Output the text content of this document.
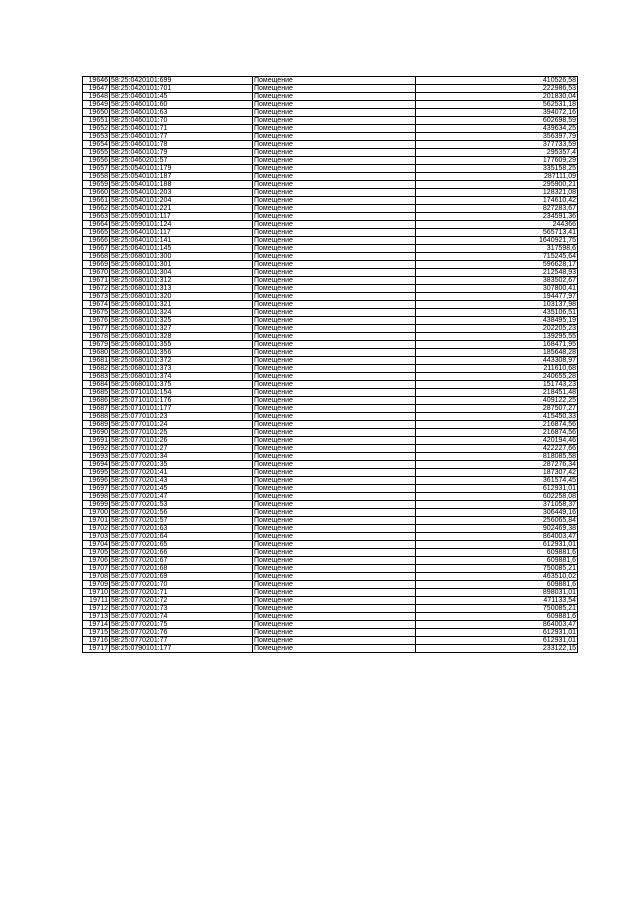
19646	58:25:0420101:699	Помещение	410526,58
19647	58:25:0420101:701	Помещение	222986,53
19648	58:25:0460101:45	Помещение	201830,04
19649	58:25:0460101:60	Помещение	562531,18
19650	58:25:0460101:63	Помещение	394072,16
19651	58:25:0460101:70	Помещение	602698,59
19652	58:25:0460101:71	Помещение	439634,25
19653	58:25:0460101:77	Помещение	356397,79
19654	58:25:0460101:78	Помещение	377733,59
19655	58:25:0460101:79	Помещение	295357,4
19656	58:25:0460201:57	Помещение	177609,29
19657	58:25:0540101:179	Помещение	335158,25
19658	58:25:0540101:187	Помещение	287111,09
19659	58:25:0540101:188	Помещение	295900,21
19660	58:25:0540101:203	Помещение	128321,08
19661	58:25:0540101:204	Помещение	174610,42
19662	58:25:0540101:221	Помещение	827283,67
19663	58:25:0590101:117	Помещение	234591,36
19664	58:25:0590101:124	Помещение	244366
19665	58:25:0640101:117	Помещение	565713,41
19666	58:25:0640101:141	Помещение	1640921,75
19667	58:25:0640101:145	Помещение	317598,6
19668	58:25:0680101:300	Помещение	715245,64
19669	58:25:0680101:301	Помещение	596628,17
19670	58:25:0680101:304	Помещение	212548,93
19671	58:25:0680101:312	Помещение	383502,67
19672	58:25:0680101:313	Помещение	307800,41
19673	58:25:0680101:320	Помещение	194477,97
19674	58:25:0680101:321	Помещение	103137,98
19675	58:25:0680101:324	Помещение	435106,51
19676	58:25:0680101:325	Помещение	438495,19
19677	58:25:0680101:327	Помещение	202205,23
19678	58:25:0680101:328	Помещение	139295,55
19679	58:25:0680101:355	Помещение	168471,95
19680	58:25:0680101:356	Помещение	185648,28
19681	58:25:0680101:372	Помещение	443308,97
19682	58:25:0680101:373	Помещение	211610,68
19683	58:25:0680101:374	Помещение	240655,28
19684	58:25:0680101:375	Помещение	151743,23
19685	58:25:0710101:154	Помещение	218451,48
19686	58:25:0710101:176	Помещение	409122,25
19687	58:25:0710101:177	Помещение	287507,27
19688	58:25:0770101:23	Помещение	415450,33
19689	58:25:0770101:24	Помещение	216874,56
19690	58:25:0770101:25	Помещение	216874,56
19691	58:25:0770101:26	Помещение	420194,46
19692	58:25:0770101:27	Помещение	422227,66
19693	58:25:0770201:34	Помещение	818085,58
19694	58:25:0770201:35	Помещение	287276,34
19695	58:25:0770201:41	Помещение	187307,42
19696	58:25:0770201:43	Помещение	361574,45
19697	58:25:0770201:45	Помещение	612931,01
19698	58:25:0770201:47	Помещение	602258,08
19699	58:25:0770201:53	Помещение	371058,37
19700	58:25:0770201:56	Помещение	306449,16
19701	58:25:0770201:57	Помещение	256065,84
19702	58:25:0770201:63	Помещение	902469,38
19703	58:25:0770201:64	Помещение	864003,47
19704	58:25:0770201:65	Помещение	612931,01
19705	58:25:0770201:66	Помещение	609881,6
19706	58:25:0770201:67	Помещение	609881,6
19707	58:25:0770201:68	Помещение	750085,21
19708	58:25:0770201:69	Помещение	463510,02
19709	58:25:0770201:70	Помещение	609881,6
19710	58:25:0770201:71	Помещение	898031,01
19711	58:25:0770201:72	Помещение	471133,54
19712	58:25:0770201:73	Помещение	750085,21
19713	58:25:0770201:74	Помещение	609881,6
19714	58:25:0770201:75	Помещение	864003,47
19715	58:25:0770201:76	Помещение	612931,01
19716	58:25:0770201:77	Помещение	612931,01
19717	58:25:0790101:177	Помещение	233122,15
